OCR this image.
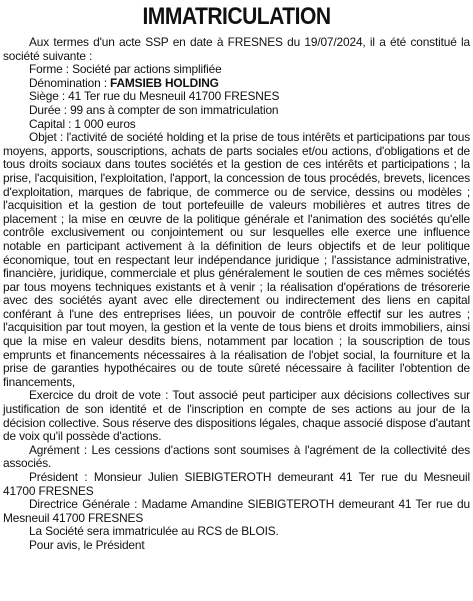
IMMATRICULATION

Aux termes d'un acte SSP en date à FRESNES du 19/07/2024, il a été constitué la société suivante :

Forme : Société par actions simplifiée

Dénomination : FAMSIEB HOLDING

Siège : 41 Ter rue du Mesneuil 41700 FRESNES

Durée : 99 ans à compter de son immatriculation

Capital : 1 000 euros

Objet : l'activité de société holding et la prise de tous intérêts et participations par tous moyens, apports, souscriptions, achats de parts sociales et/ou actions, d'obligations et de tous droits sociaux dans toutes sociétés et la gestion de ces intérêts et participations ; la prise, l'acquisition, l'exploitation, l'apport, la concession de tous procédés, brevets, licences d'exploitation, marques de fabrique, de commerce ou de service, dessins ou modèles ; l'acquisition et la gestion de tout portefeuille de valeurs mobilières et autres titres de placement ; la mise en œuvre de la politique générale et l'animation des sociétés qu'elle contrôle exclusivement ou conjointement ou sur lesquelles elle exerce une influence notable en participant activement à la définition de leurs objectifs et de leur politique économique, tout en respectant leur indépendance juridique ; l'assistance administrative, financière, juridique, commerciale et plus généralement le soutien de ces mêmes sociétés par tous moyens techniques existants et à venir ; la réalisation d'opérations de trésorerie avec des sociétés ayant avec elle directement ou indirectement des liens en capital conférant à l'une des entreprises liées, un pouvoir de contrôle effectif sur les autres ; l'acquisition par tout moyen, la gestion et la vente de tous biens et droits immobiliers, ainsi que la mise en valeur desdits biens, notamment par location ; la souscription de tous emprunts et financements nécessaires à la réalisation de l'objet social, la fourniture et la prise de garanties hypothécaires ou de toute sûreté nécessaire à faciliter l'obtention de financements,

Exercice du droit de vote : Tout associé peut participer aux décisions collectives sur justification de son identité et de l'inscription en compte de ses actions au jour de la décision collective. Sous réserve des dispositions légales, chaque associé dispose d'autant de voix qu'il possède d'actions.

Agrément : Les cessions d'actions sont soumises à l'agrément de la collectivité des associés.

Président : Monsieur Julien SIEBIGTEROTH demeurant 41 Ter rue du Mesneuil 41700 FRESNES

Directrice Générale : Madame Amandine SIEBIGTEROTH demeurant 41 Ter rue du Mesneuil 41700 FRESNES

La Société sera immatriculée au RCS de BLOIS.

Pour avis, le Président
